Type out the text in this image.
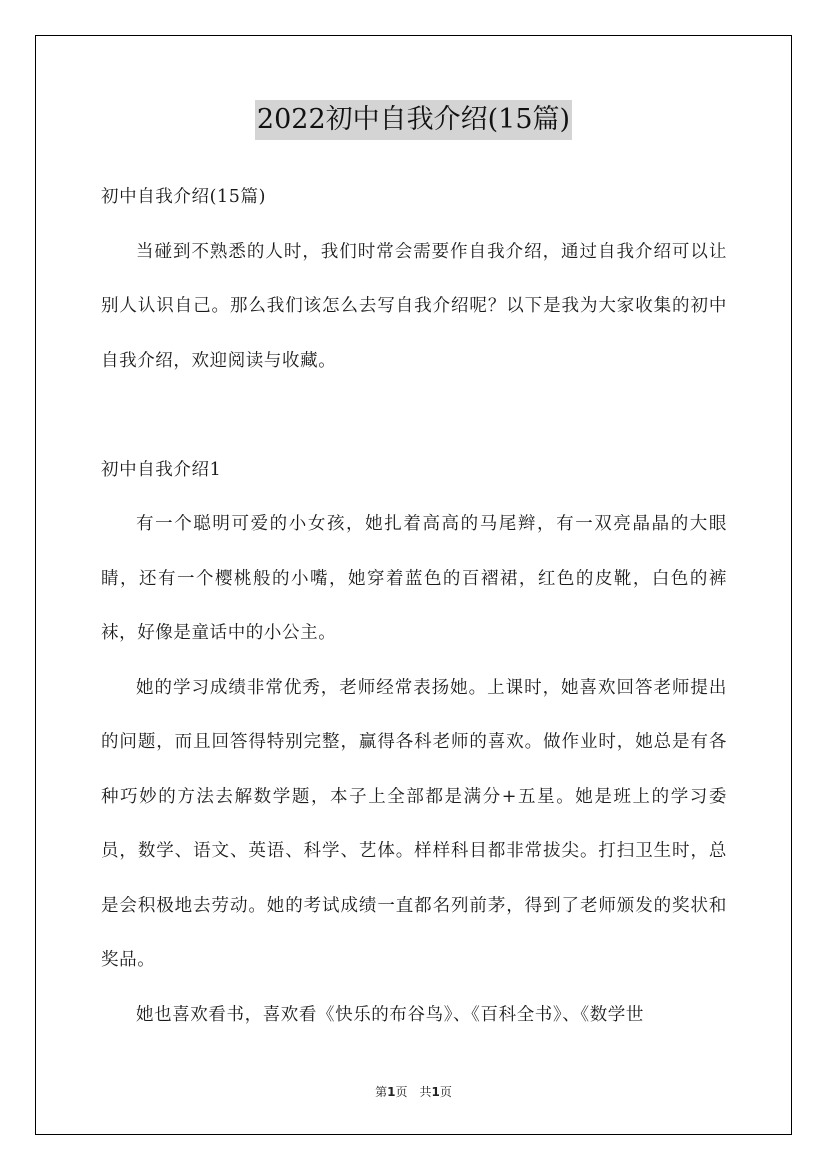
2022初中自我介绍(15篇)

初中自我介绍(15篇)

当碰到不熟悉的人时，我们时常会需要作自我介绍，通过自我介绍可以让别人认识自己。那么我们该怎么去写自我介绍呢？以下是我为大家收集的初中自我介绍，欢迎阅读与收藏。

初中自我介绍1

有一个聪明可爱的小女孩，她扎着高高的马尾辫，有一双亮晶晶的大眼睛，还有一个樱桃般的小嘴，她穿着蓝色的百褶裙，红色的皮靴，白色的裤袜，好像是童话中的小公主。

她的学习成绩非常优秀，老师经常表扬她。上课时，她喜欢回答老师提出的问题，而且回答得特别完整，赢得各科老师的喜欢。做作业时，她总是有各种巧妙的方法去解数学题，本子上全部都是满分+五星。她是班上的学习委员，数学、语文、英语、科学、艺体。样样科目都非常拔尖。打扫卫生时，总是会积极地去劳动。她的考试成绩一直都名列前茅，得到了老师颁发的奖状和奖品。

她也喜欢看书，喜欢看《快乐的布谷鸟》、《百科全书》、《数学世

第1页 共1页
